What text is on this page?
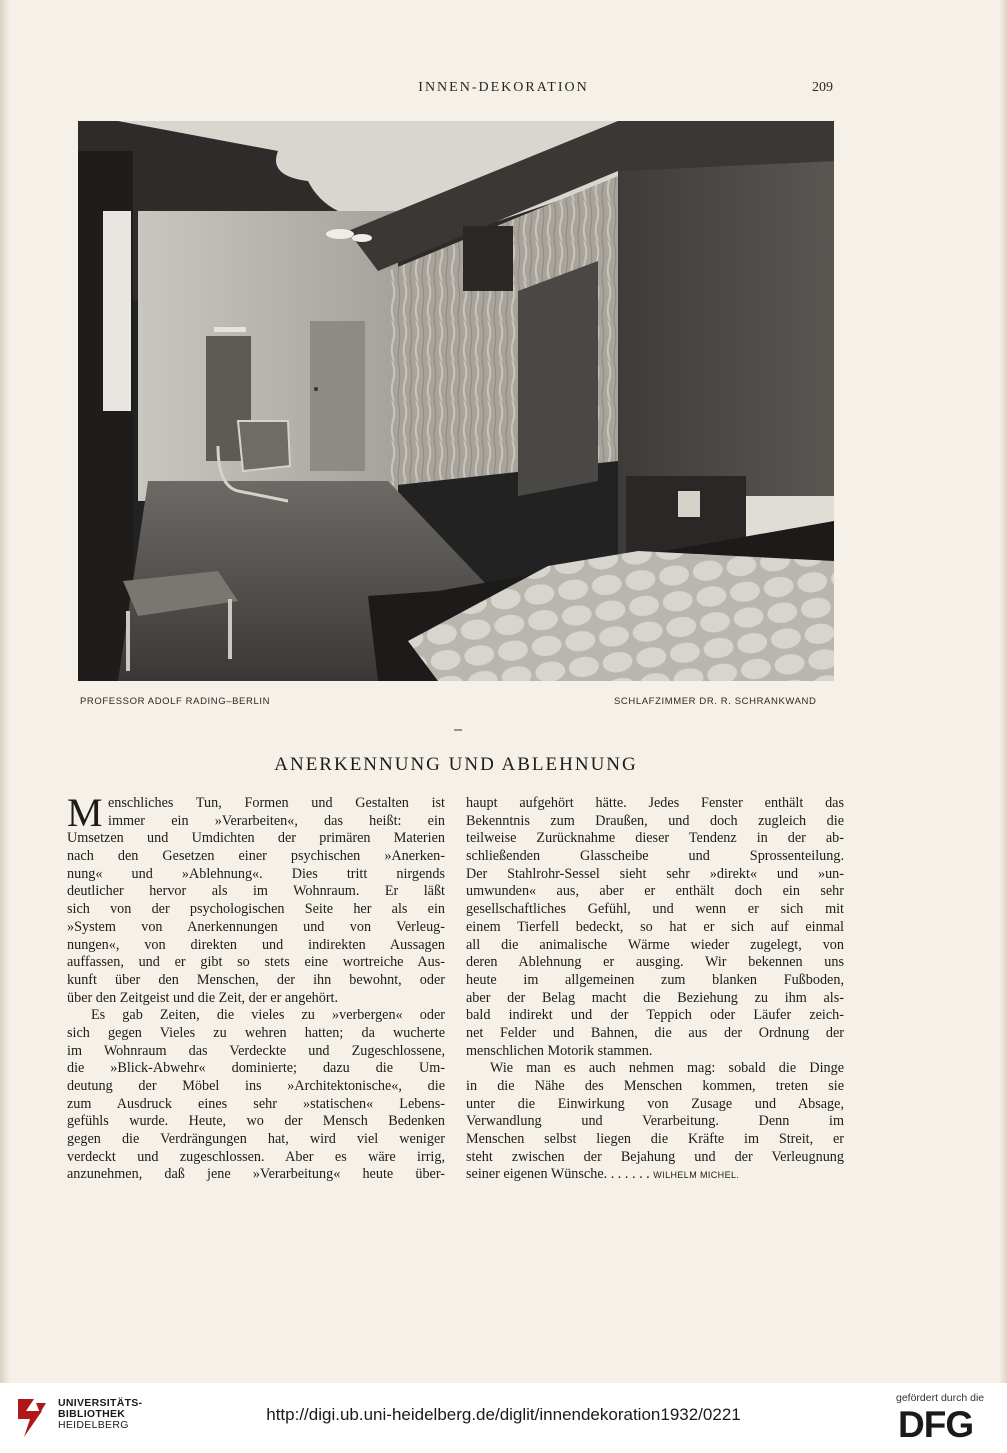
INNEN-DEKORATION	209
PROFESSOR ADOLF RADING–BERLIN	SCHLAFZIMMER DR. R. SCHRANKWAND
ANERKENNUNG UND ABLEHNUNG
M enschliches Tun, Formen und Gestalten ist
immer ein »Verarbeiten«, das heißt: ein
Umsetzen und Umdichten der primären Materien
nach den Gesetzen einer psychischen »Anerken-
nung« und »Ablehnung«. Dies tritt nirgends
deutlicher hervor als im Wohnraum. Er läßt
sich von der psychologischen Seite her als ein
»System von Anerkennungen und von Verleug-
nungen«, von direkten und indirekten Aussagen
auffassen, und er gibt so stets eine wortreiche Aus-
kunft über den Menschen, der ihn bewohnt, oder
über den Zeitgeist und die Zeit, der er angehört.
Es gab Zeiten, die vieles zu »verbergen« oder
sich gegen Vieles zu wehren hatten; da wucherte
im Wohnraum das Verdeckte und Zugeschlossene,
die »Blick-Abwehr« dominierte; dazu die Um-
deutung der Möbel ins »Architektonische«, die
zum Ausdruck eines sehr »statischen« Lebens-
gefühls wurde. Heute, wo der Mensch Bedenken
gegen die Verdrängungen hat, wird viel weniger
verdeckt und zugeschlossen. Aber es wäre irrig,
anzunehmen, daß jene »Verarbeitung« heute über-
haupt aufgehört hätte. Jedes Fenster enthält das
Bekenntnis zum Draußen, und doch zugleich die
teilweise Zurücknahme dieser Tendenz in der ab-
schließenden Glasscheibe und Sprossenteilung.
Der Stahlrohr-Sessel sieht sehr »direkt« und »un-
umwunden« aus, aber er enthält doch ein sehr
gesellschaftliches Gefühl, und wenn er sich mit
einem Tierfell bedeckt, so hat er sich auf einmal
all die animalische Wärme wieder zugelegt, von
deren Ablehnung er ausging. Wir bekennen uns
heute im allgemeinen zum blanken Fußboden,
aber der Belag macht die Beziehung zu ihm als-
bald indirekt und der Teppich oder Läufer zeich-
net Felder und Bahnen, die aus der Ordnung der
menschlichen Motorik stammen.
Wie man es auch nehmen mag: sobald die Dinge
in die Nähe des Menschen kommen, treten sie
unter die Einwirkung von Zusage und Absage,
Verwandlung und Verarbeitung. Denn im
Menschen selbst liegen die Kräfte im Streit, er
steht zwischen der Bejahung und der Verleugnung
seiner eigenen Wünsche. . . . . . . WILHELM MICHEL.
UNIVERSITÄTS-
BIBLIOTHEK
HEIDELBERG
http://digi.ub.uni-heidelberg.de/diglit/innendekoration1932/0221
gefördert durch die
DFG
